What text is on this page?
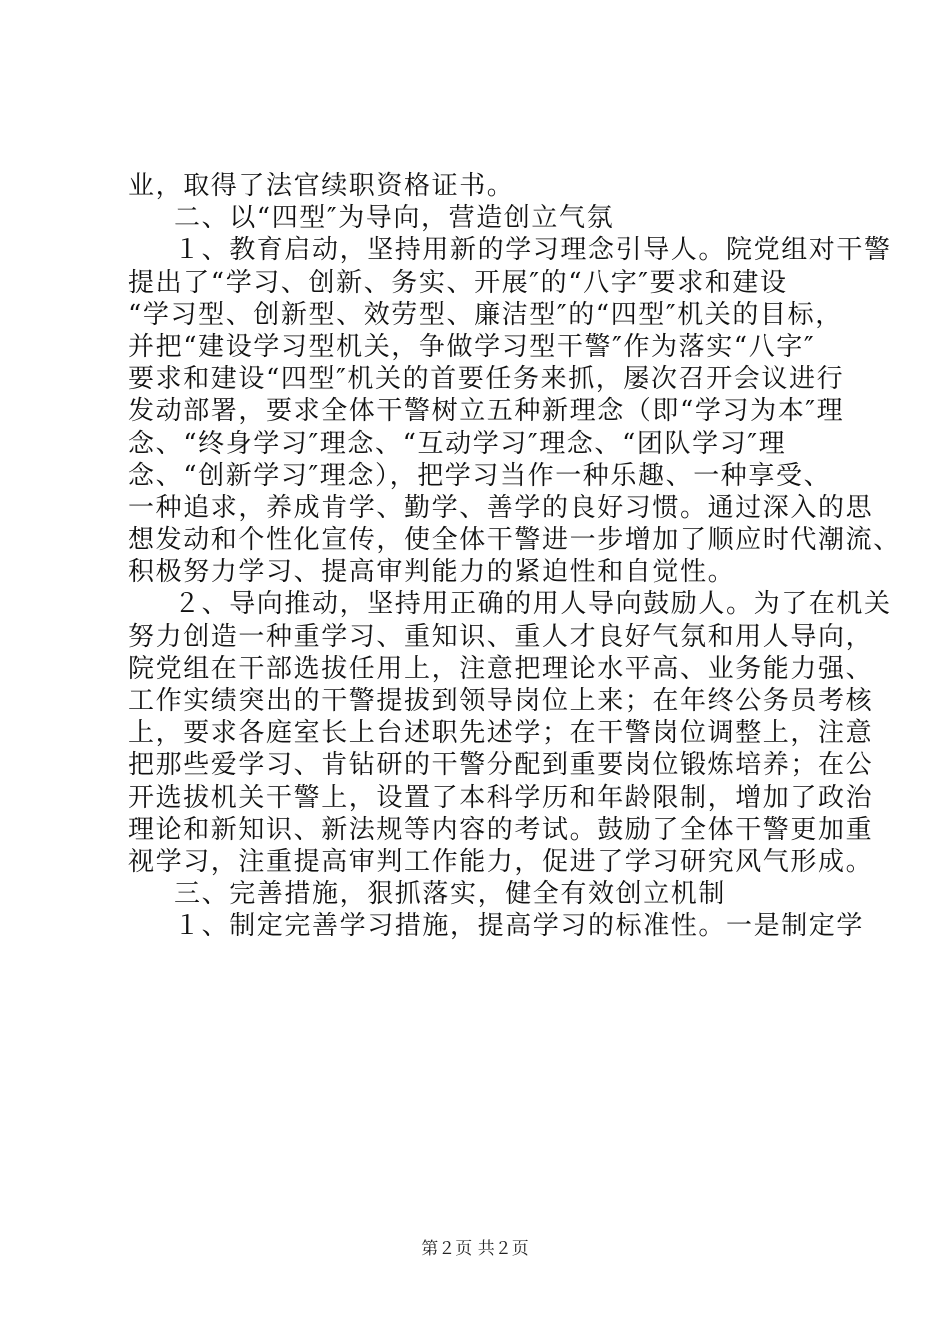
业，取得了法官续职资格证书。
二、以“四型″为导向，营造创立气氛
１、教育启动，坚持用新的学习理念引导人。院党组对干警
提出了“学习、创新、务实、开展″的“八字″要求和建设
“学习型、创新型、效劳型、廉洁型″的“四型″机关的目标，
并把“建设学习型机关，争做学习型干警″作为落实“八字″
要求和建设“四型″机关的首要任务来抓，屡次召开会议进行
发动部署，要求全体干警树立五种新理念（即“学习为本″理
念、“终身学习″理念、“互动学习″理念、“团队学习″理
念、“创新学习″理念），把学习当作一种乐趣、一种享受、
一种追求，养成肯学、勤学、善学的良好习惯。通过深入的思
想发动和个性化宣传，使全体干警进一步增加了顺应时代潮流、
积极努力学习、提高审判能力的紧迫性和自觉性。
２、导向推动，坚持用正确的用人导向鼓励人。为了在机关
努力创造一种重学习、重知识、重人才良好气氛和用人导向，
院党组在干部选拔任用上，注意把理论水平高、业务能力强、
工作实绩突出的干警提拔到领导岗位上来；在年终公务员考核
上，要求各庭室长上台述职先述学；在干警岗位调整上，注意
把那些爱学习、肯钻研的干警分配到重要岗位锻炼培养；在公
开选拔机关干警上，设置了本科学历和年龄限制，增加了政治
理论和新知识、新法规等内容的考试。鼓励了全体干警更加重
视学习，注重提高审判工作能力，促进了学习研究风气形成。
三、完善措施，狠抓落实，健全有效创立机制
１、制定完善学习措施，提高学习的标准性。一是制定学
第２页 共２页
